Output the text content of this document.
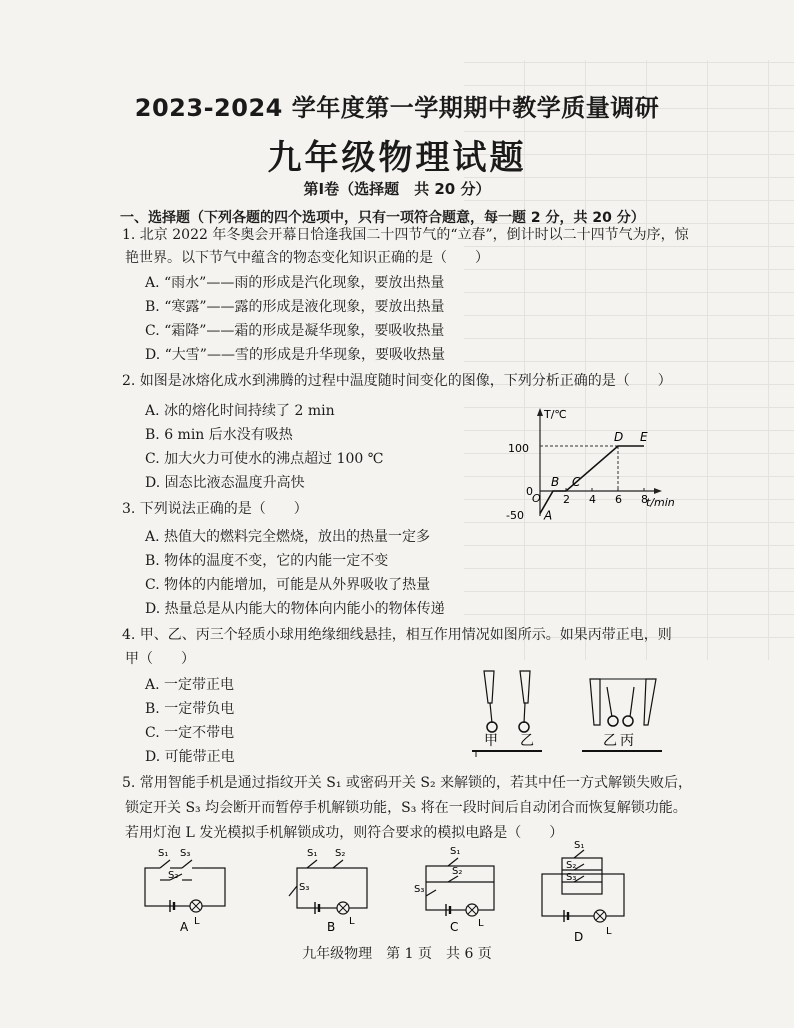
2023-2024 学年度第一学期期中教学质量调研
九年级物理试题
第Ⅰ卷（选择题　共 20 分）
一、选择题（下列各题的四个选项中，只有一项符合题意，每一题 2 分，共 20 分）
1. 北京 2022 年冬奥会开幕日恰逢我国二十四节气的“立春”，倒计时以二十四节气为序，惊
艳世界。以下节气中蕴含的物态变化知识正确的是（　　）
A. “雨水”——雨的形成是汽化现象，要放出热量
B. “寒露”——露的形成是液化现象，要放出热量
C. “霜降”——霜的形成是凝华现象，要吸收热量
D. “大雪”——雪的形成是升华现象，要吸收热量
2. 如图是冰熔化成水到沸腾的过程中温度随时间变化的图像，下列分析正确的是（　　）
A. 冰的熔化时间持续了 2 min
B. 6 min 后水没有吸热
C. 加大火力可使水的沸点超过 100 ℃
D. 固态比液态温度升高快
T/℃
t/min
O
100
0
-50
2 4 6 8
A
B C
D E
3. 下列说法正确的是（　　）
A. 热值大的燃料完全燃烧，放出的热量一定多
B. 物体的温度不变，它的内能一定不变
C. 物体的内能增加，可能是从外界吸收了热量
D. 热量总是从内能大的物体向内能小的物体传递
4. 甲、乙、丙三个轻质小球用绝缘细线悬挂，相互作用情况如图所示。如果丙带正电，则
甲（　　）
A. 一定带正电
B. 一定带负电
C. 一定不带电
D. 可能带正电
甲 乙	乙 丙
5. 常用智能手机是通过指纹开关 S₁ 或密码开关 S₂ 来解锁的，若其中任一方式解锁失败后，
锁定开关 S₃ 均会断开而暂停手机解锁功能，S₃ 将在一段时间后自动闭合而恢复解锁功能。
若用灯泡 L 发光模拟手机解锁成功，则符合要求的模拟电路是（　　）
S₁ S₃
S₂
L
A
S₁ S₂
S₃
L
B
S₁
S₂
S₃
L
C
S₁
S₂
S₃
L
D
九年级物理　第 1 页　共 6 页
